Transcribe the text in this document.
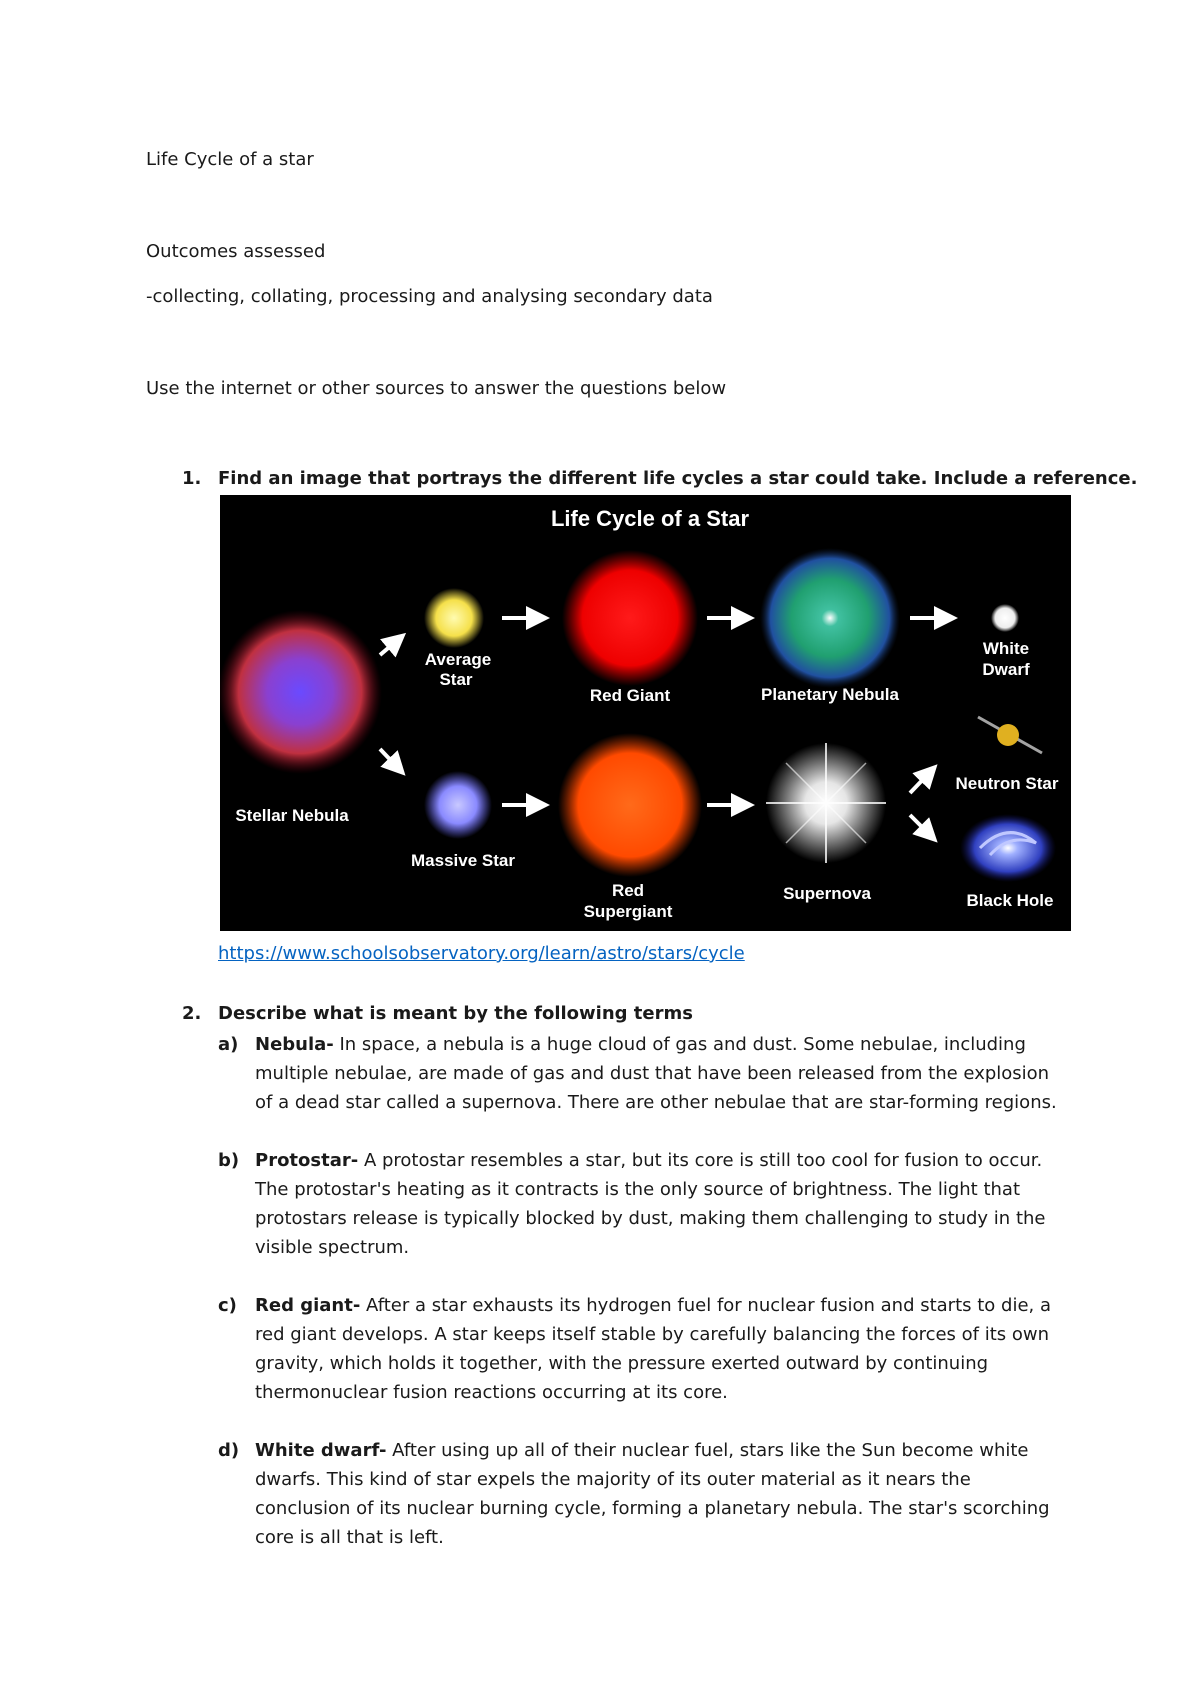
Life Cycle of a star
Outcomes assessed
-collecting, collating, processing and analysing secondary data
Use the internet or other sources to answer the questions below
1. Find an image that portrays the different life cycles a star could take. Include a reference.
Life Cycle of a Star
Stellar Nebula
Average
Star
Red Giant	Planetary Nebula
White
Dwarf
Massive Star
Red
Supergiant
Supernova
Neutron Star
Black Hole
https://www.schoolsobservatory.org/learn/astro/stars/cycle
2. Describe what is meant by the following terms
a) Nebula- In space, a nebula is a huge cloud of gas and dust. Some nebulae, including
multiple nebulae, are made of gas and dust that have been released from the explosion
of a dead star called a supernova. There are other nebulae that are star-forming regions.
b) Protostar- A protostar resembles a star, but its core is still too cool for fusion to occur.
The protostar's heating as it contracts is the only source of brightness. The light that
protostars release is typically blocked by dust, making them challenging to study in the
visible spectrum.
c) Red giant- After a star exhausts its hydrogen fuel for nuclear fusion and starts to die, a
red giant develops. A star keeps itself stable by carefully balancing the forces of its own
gravity, which holds it together, with the pressure exerted outward by continuing
thermonuclear fusion reactions occurring at its core.
d) White dwarf- After using up all of their nuclear fuel, stars like the Sun become white
dwarfs. This kind of star expels the majority of its outer material as it nears the
conclusion of its nuclear burning cycle, forming a planetary nebula. The star's scorching
core is all that is left.
